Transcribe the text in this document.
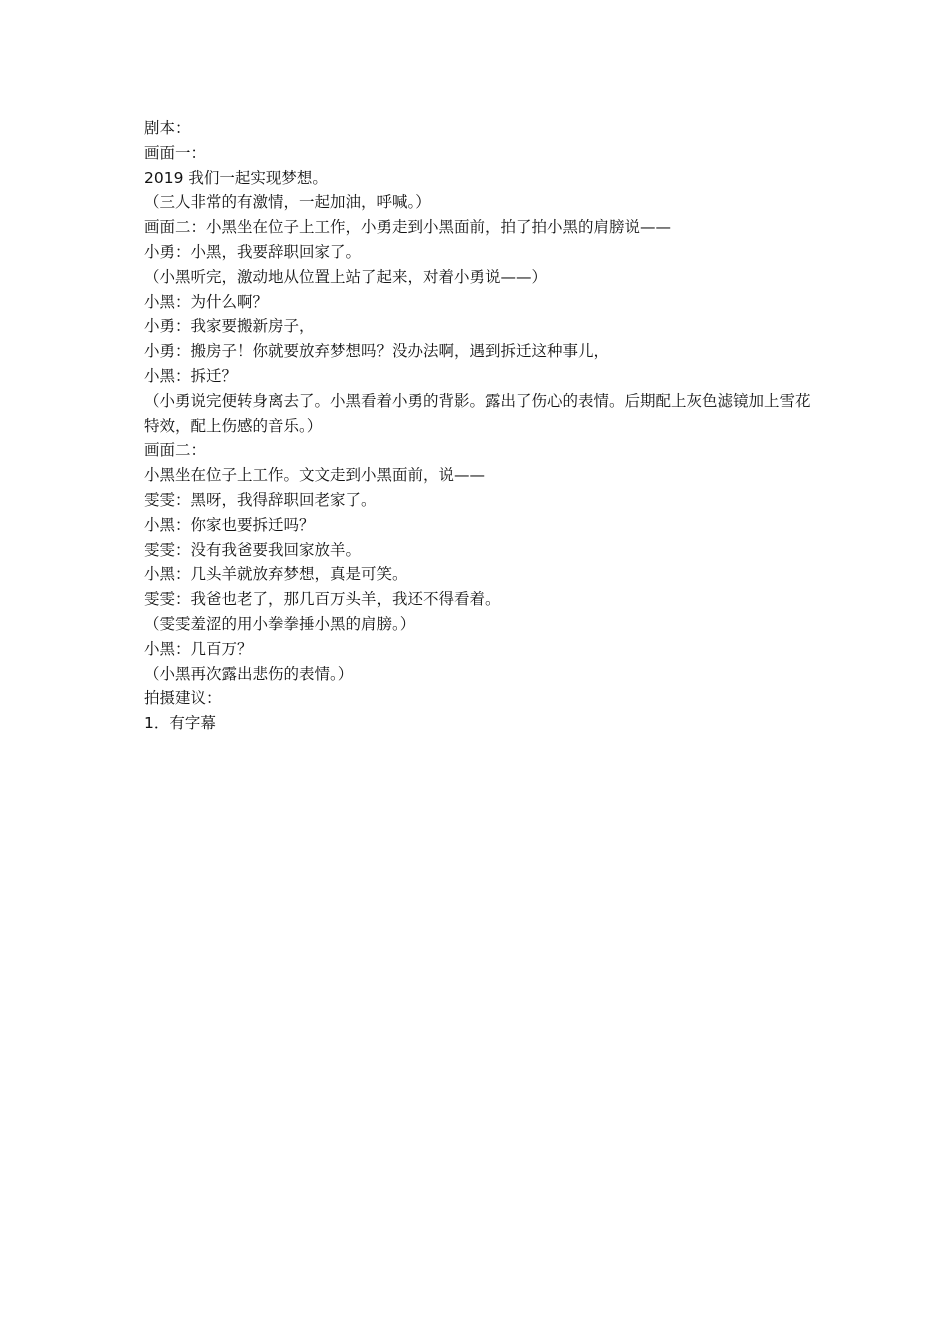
剧本：
画面一：
2019 我们一起实现梦想。
（三人非常的有激情，一起加油，呼喊。）
画面二：小黑坐在位子上工作，小勇走到小黑面前，拍了拍小黑的肩膀说——
小勇：小黑，我要辞职回家了。
（小黑听完，激动地从位置上站了起来，对着小勇说——）
小黑：为什么啊？
小勇：我家要搬新房子，
小勇：搬房子！你就要放弃梦想吗？没办法啊，遇到拆迁这种事儿，
小黑：拆迁？
（小勇说完便转身离去了。小黑看着小勇的背影。露出了伤心的表情。后期配上灰色滤镜加上雪花特效，配上伤感的音乐。）
画面二：
小黑坐在位子上工作。文文走到小黑面前，说——
雯雯：黑呀，我得辞职回老家了。
小黑：你家也要拆迁吗？
雯雯：没有我爸要我回家放羊。
小黑：几头羊就放弃梦想，真是可笑。
雯雯：我爸也老了，那几百万头羊，我还不得看着。
（雯雯羞涩的用小拳拳捶小黑的肩膀。）
小黑：几百万？
（小黑再次露出悲伤的表情。）
拍摄建议：
1．有字幕
